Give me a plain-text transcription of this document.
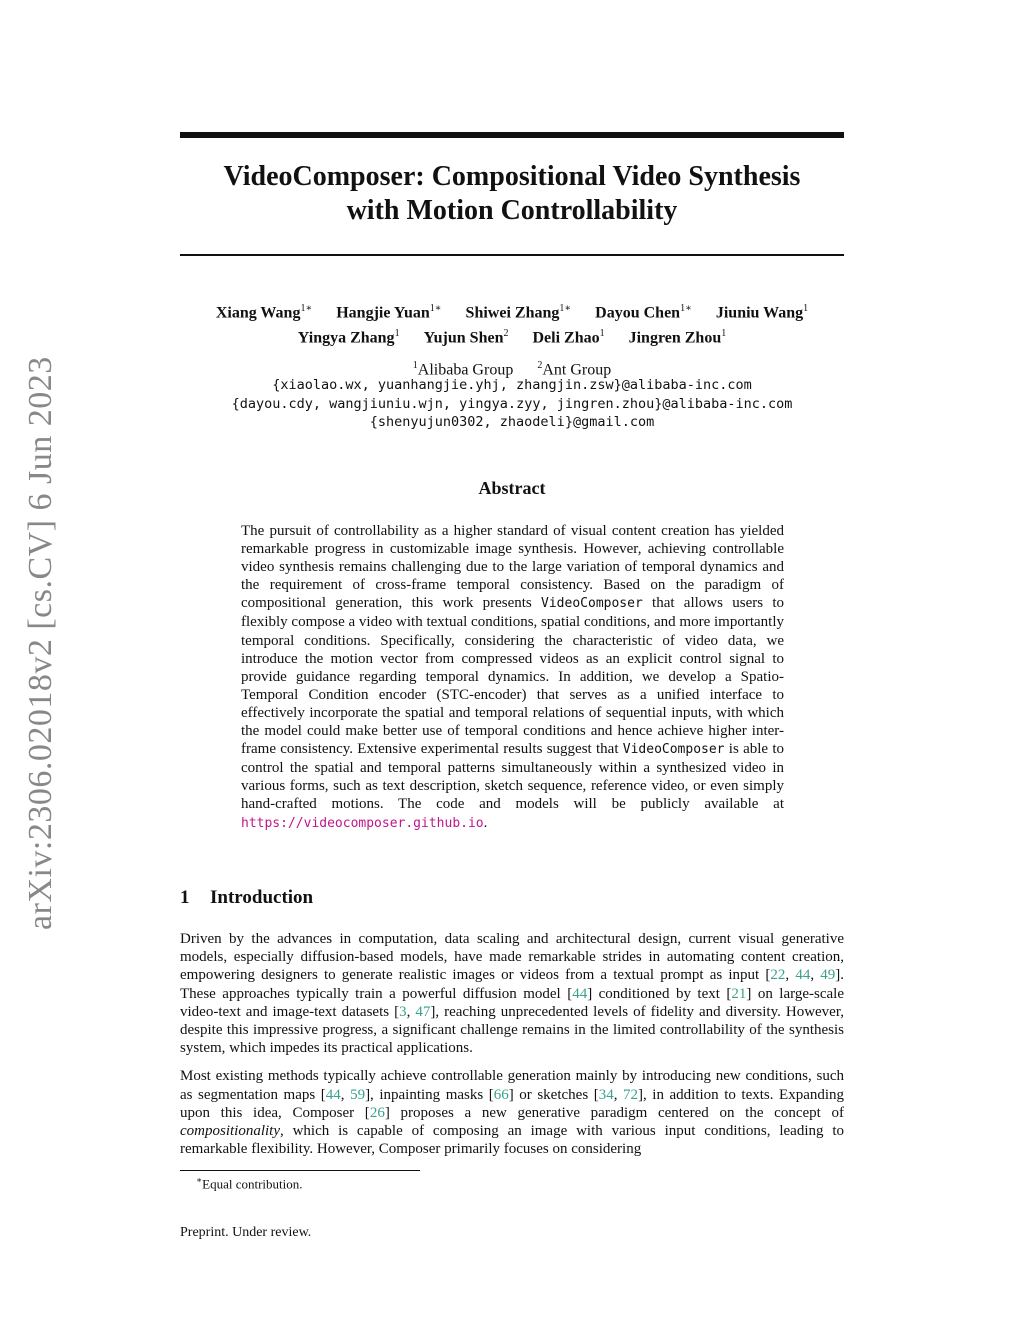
arXiv:2306.02018v2 [cs.CV] 6 Jun 2023
VideoComposer: Compositional Video Synthesis
with Motion Controllability
Xiang Wang$^{1∗}$ Hangjie Yuan$^{1∗}$ Shiwei Zhang$^{1∗}$ Dayou Chen$^{1∗}$ Jiuniu Wang$^1$
Yingya Zhang$^1$ Yujun Shen$^2$ Deli Zhao$^1$ Jingren Zhou$^1$
$^1$Alibaba Group $^2$Ant Group
{xiaolao.wx, yuanhangjie.yhj, zhangjin.zsw}@alibaba-inc.com
{dayou.cdy, wangjiuniu.wjn, yingya.zyy, jingren.zhou}@alibaba-inc.com
{shenyujun0302, zhaodeli}@gmail.com
Abstract
The pursuit of controllability as a higher standard of visual content creation has yielded remarkable progress in customizable image synthesis. However, achieving controllable video synthesis remains challenging due to the large variation of temporal dynamics and the requirement of cross-frame temporal consistency. Based on the paradigm of compositional generation, this work presents VideoComposer that allows users to flexibly compose a video with textual conditions, spatial conditions, and more importantly temporal conditions. Specifically, considering the characteristic of video data, we introduce the motion vector from compressed videos as an explicit control signal to provide guidance regarding temporal dynamics. In addition, we develop a Spatio-Temporal Condition encoder (STC-encoder) that serves as a unified interface to effectively incorporate the spatial and temporal relations of sequential inputs, with which the model could make better use of temporal conditions and hence achieve higher inter-frame consistency. Extensive experimental results suggest that VideoComposer is able to control the spatial and temporal patterns simultaneously within a synthesized video in various forms, such as text description, sketch sequence, reference video, or even simply hand-crafted motions. The code and models will be publicly available at https://videocomposer.github.io.
1 Introduction

Driven by the advances in computation, data scaling and architectural design, current visual generative models, especially diffusion-based models, have made remarkable strides in automating content creation, empowering designers to generate realistic images or videos from a textual prompt as input [22, 44, 49]. These approaches typically train a powerful diffusion model [44] conditioned by text [21] on large-scale video-text and image-text datasets [3, 47], reaching unprecedented levels of fidelity and diversity. However, despite this impressive progress, a significant challenge remains in the limited controllability of the synthesis system, which impedes its practical applications.

Most existing methods typically achieve controllable generation mainly by introducing new conditions, such as segmentation maps [44, 59], inpainting masks [66] or sketches [34, 72], in addition to texts. Expanding upon this idea, Composer [26] proposes a new generative paradigm centered on the concept of compositionality, which is capable of composing an image with various input conditions, leading to remarkable flexibility. However, Composer primarily focuses on considering

∗Equal contribution.
Preprint. Under review.
